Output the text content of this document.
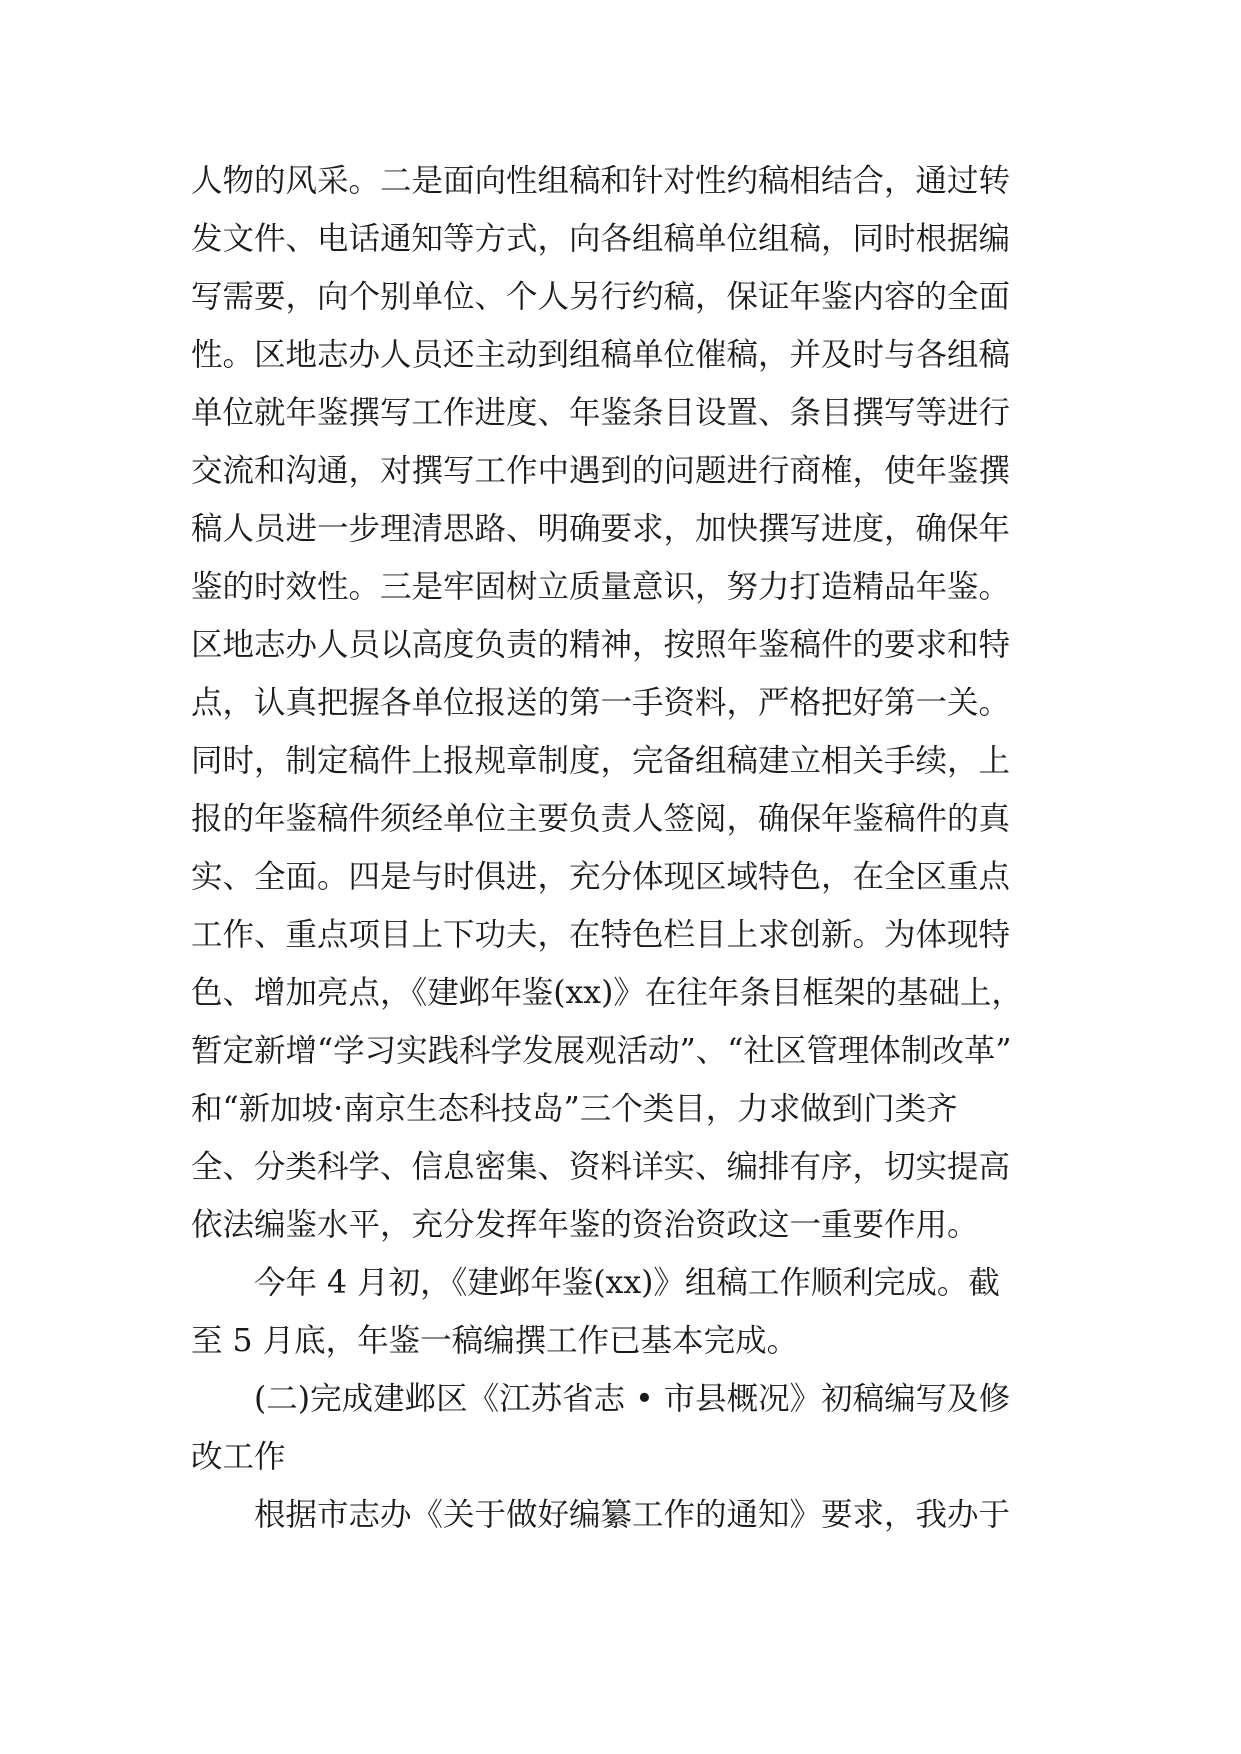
人物的风采。二是面向性组稿和针对性约稿相结合，通过转
发文件、电话通知等方式，向各组稿单位组稿，同时根据编
写需要，向个别单位、个人另行约稿，保证年鉴内容的全面
性。区地志办人员还主动到组稿单位催稿，并及时与各组稿
单位就年鉴撰写工作进度、年鉴条目设置、条目撰写等进行
交流和沟通，对撰写工作中遇到的问题进行商榷，使年鉴撰
稿人员进一步理清思路、明确要求，加快撰写进度，确保年
鉴的时效性。三是牢固树立质量意识，努力打造精品年鉴。
区地志办人员以高度负责的精神，按照年鉴稿件的要求和特
点，认真把握各单位报送的第一手资料，严格把好第一关。
同时，制定稿件上报规章制度，完备组稿建立相关手续，上
报的年鉴稿件须经单位主要负责人签阅，确保年鉴稿件的真
实、全面。四是与时俱进，充分体现区域特色，在全区重点
工作、重点项目上下功夫，在特色栏目上求创新。为体现特
色、增加亮点，《建邺年鉴(xx)》在往年条目框架的基础上，
暂定新增“学习实践科学发展观活动”、“社区管理体制改革”
和“新加坡·南京生态科技岛”三个类目，力求做到门类齐
全、分类科学、信息密集、资料详实、编排有序，切实提高
依法编鉴水平，充分发挥年鉴的资治资政这一重要作用。
今年 4 月初，《建邺年鉴(xx)》组稿工作顺利完成。截
至 5 月底，年鉴一稿编撰工作已基本完成。
(二)完成建邺区《江苏省志 • 市县概况》初稿编写及修
改工作
根据市志办《关于做好编纂工作的通知》要求，我办于
